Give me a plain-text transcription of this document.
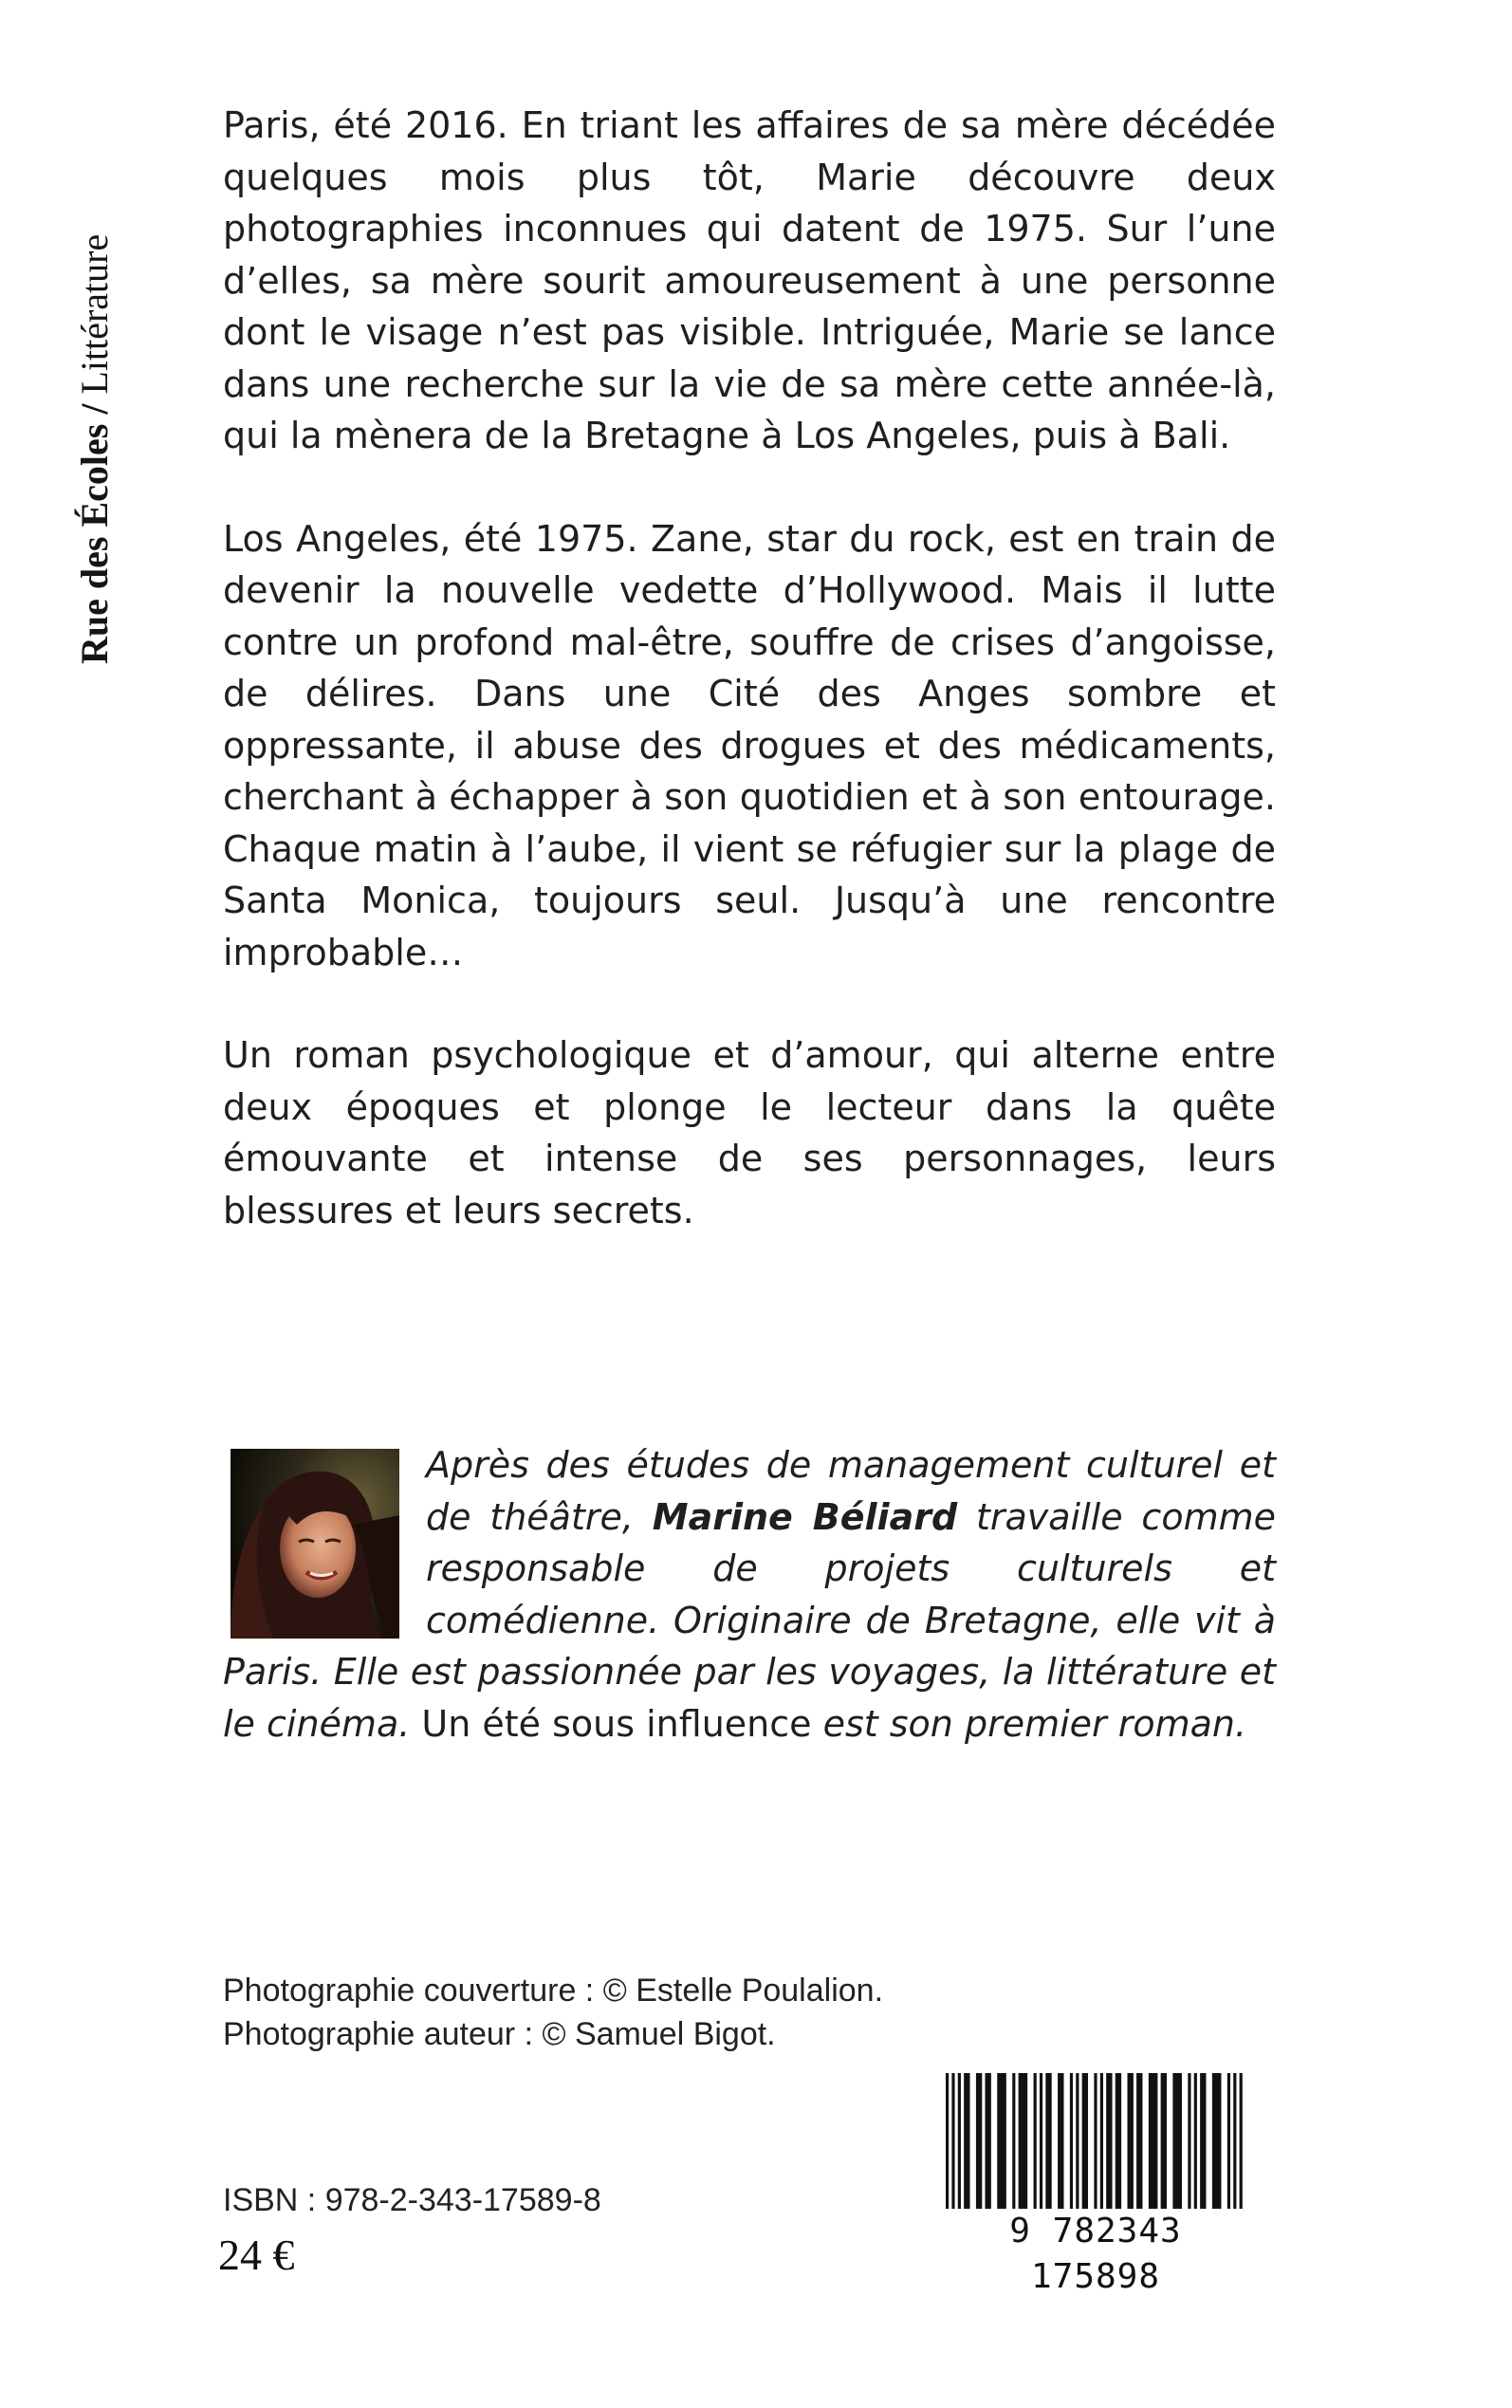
Rue des Écoles / Littérature

Paris, été 2016. En triant les affaires de sa mère décédée quelques mois plus tôt, Marie découvre deux photographies inconnues qui datent de 1975. Sur l’une d’elles, sa mère sourit amoureusement à une personne dont le visage n’est pas visible. Intriguée, Marie se lance dans une recherche sur la vie de sa mère cette année-là, qui la mènera de la Bretagne à Los Angeles, puis à Bali.

Los Angeles, été 1975. Zane, star du rock, est en train de devenir la nouvelle vedette d’Hollywood. Mais il lutte contre un profond mal-être, souffre de crises d’angoisse, de délires. Dans une Cité des Anges sombre et oppressante, il abuse des drogues et des médicaments, cherchant à échapper à son quotidien et à son entourage. Chaque matin à l’aube, il vient se réfugier sur la plage de Santa Monica, toujours seul. Jusqu’à une rencontre improbable…

Un roman psychologique et d’amour, qui alterne entre deux époques et plonge le lecteur dans la quête émouvante et intense de ses personnages, leurs blessures et leurs secrets.

Après des études de management culturel et de théâtre, Marine Béliard travaille comme responsable de projets culturels et comédienne. Originaire de Bretagne, elle vit à Paris. Elle est passionnée par les voyages, la littérature et le cinéma. Un été sous influence est son premier roman.
Photographie couverture : © Estelle Poulalion.
Photographie auteur : © Samuel Bigot.
9 782343 175898
ISBN : 978-2-343-17589-8
24 €
